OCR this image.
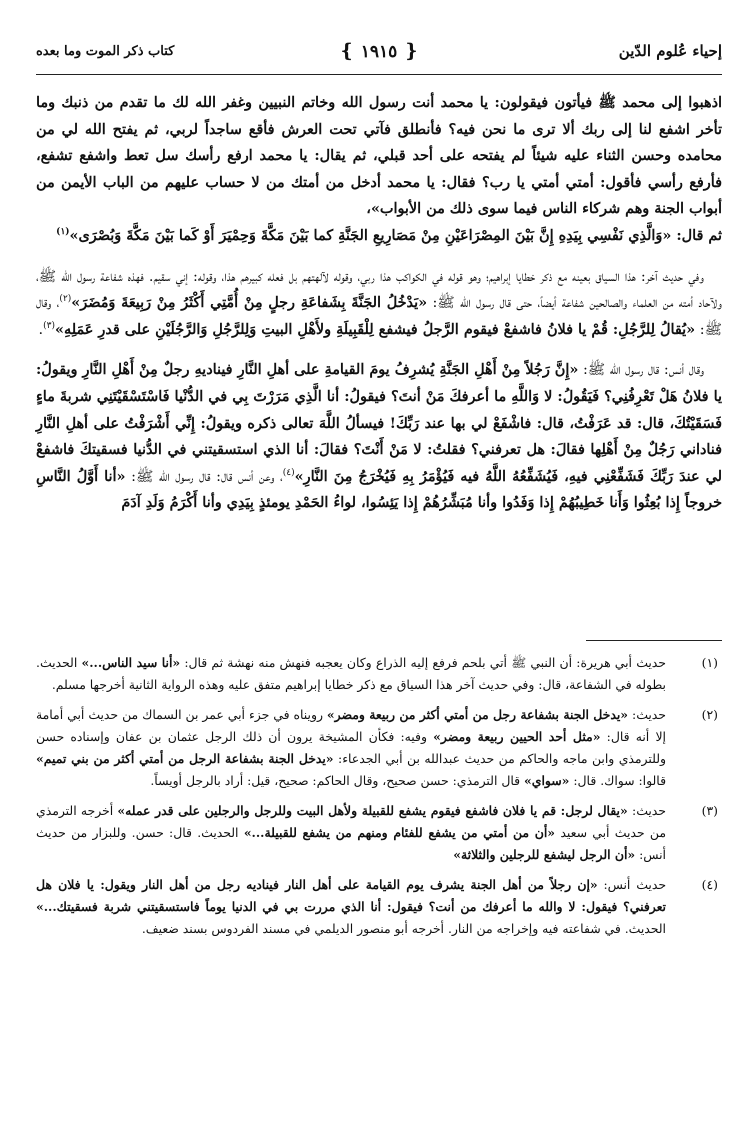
إحياء عُلوم الدّين
❴ ١٩١٥ ❵
كتاب ذكر الموت وما بعده

اذهبوا إلى محمد ﷺ فيأتون فيقولون: يا محمد أنت رسول الله وخاتم النبيين وغفر الله لك ما تقدم من ذنبك وما تأخر اشفع لنا إلى ربك ألا ترى ما نحن فيه؟ فأنطلق فآتي تحت العرش فأقع ساجداً لربي، ثم يفتح الله لي من محامده وحسن الثناء عليه شيئاً لم يفتحه على أحد قبلي، ثم يقال: يا محمد ارفع رأسك سل تعط واشفع تشفع، فأرفع رأسي فأقول: أمتي أمتي يا رب؟ فقال: يا محمد أدخل من أمتك من لا حساب عليهم من الباب الأيمن من أبواب الجنة وهم شركاء الناس فيما سوى ذلك من الأبواب»،
ثم قال: «وَالَّذِي نَفْسِي بِيَدِهِ إِنَّ بَيْنَ المِصْرَاعَيْنِ مِنْ مَصَارِيعِ الجَنَّةِ كما بَيْنَ مَكَّةَ وَحِمْيَرَ أَوْ كَما بَيْنَ مَكَّةَ وَبُصْرَى»$^{(١)}$

وفي حديث آخر: هذا السياق بعينه مع ذكر خطايا إبراهيم؛ وهو قوله في الكواكب هذا ربي، وقوله لآلهتهم بل فعله كبيرهم هذا، وقوله: إني سقيم. فهذه شفاعة رسول الله ﷺ، ولآحاد أمته من العلماء والصالحين شفاعة أيضاً، حتى قال رسول الله ﷺ: «يَدْخُلُ الجَنَّةَ بِشَفاعَةِ رجلٍ مِنْ أُمَّتِي أَكْثَرُ مِنْ رَبِيعَةَ وَمُضَرَ»$^{(٢)}$، وقال ﷺ: «يُقالُ لِلرَّجُلِ: قُمْ يا فلانُ فاشفعْ فيقوم الرَّجلُ فيشفع لِلْقَبِيلَةِ ولأَهْلِ البيتِ وَلِلرَّجُلِ وَالرَّجُلَيْنِ على قدرِ عَمَلِهِ»$^{(٣)}$.

وقال أنس: قال رسول الله ﷺ: «إِنَّ رَجُلاً مِنْ أَهْلِ الجَنَّةِ يُشرِفُ يومَ القيامةِ على أهلِ النَّارِ فيناديهِ رجلٌ مِنْ أَهْلِ النَّارِ ويقولُ: يا فلانُ هَلْ تَعْرِفُنِي؟ فَيَقُولُ: لا وَاللَّهِ ما أعرفكَ مَنْ أنتَ؟ فيقولُ: أنا الَّذِي مَرَرْتَ بِي في الدُّنْيا فَاسْتَسْقَيْتَنِي شربةَ ماءٍ فَسَقَيْتُكَ، قال: قد عَرَفْتُ، قال: فاشْفَعْ لي بها عند رَبِّكَ! فيسألُ اللَّهَ تعالى ذكره ويقولُ: إِنِّي أَشْرَفْتُ على أهلِ النَّارِ فناداني رَجُلٌ مِنْ أَهْلِها فقالَ: هل تعرفني؟ فقلتُ: لا مَنْ أَنْتَ؟ فقالَ: أنا الذي استسقيتني في الدُّنيا فسقيتكَ فاشفعْ لي عندَ رَبِّكَ فَشَفِّعْنِي فيهِ، فَيُشَفِّعُهُ اللَّهُ فيه فَيُؤْمَرُ بِهِ فَيُخْرَجُ مِنَ النَّارِ»$^{(٤)}$، وعن أنس قال: قال رسول الله ﷺ: «أنا أَوَّلُ النَّاسِ خروجاً إِذا بُعِثُوا وَأَنا خَطِيبُهُمْ إِذا وَفَدُوا وأنا مُبَشِّرُهُمْ إِذا يَئِسُوا، لواءُ الحَمْدِ يومئذٍ بِيَدِي وأنا أَكْرَمُ وَلَدِ آدَمَ

(١)
حديث أبي هريرة: أن النبي ﷺ أتي بلحم فرفع إليه الذراع وكان يعجبه فنهش منه نهشة ثم قال: «أنا سيد الناس...» الحديث. بطوله في الشفاعة، قال: وفي حديث آخر هذا السياق مع ذكر خطايا إبراهيم متفق عليه وهذه الرواية الثانية أخرجها مسلم.
(٢)
حديث: «يدخل الجنة بشفاعة رجل من أمتي أكثر من ربيعة ومضر» رويناه في جزء أبي عمر بن السماك من حديث أبي أمامة إلا أنه قال: «مثل أحد الحيين ربيعة ومضر» وفيه: فكأن المشيخة يرون أن ذلك الرجل عثمان بن عفان وإسناده حسن وللترمذي وابن ماجه والحاكم من حديث عبدالله بن أبي الجدعاء: «يدخل الجنة بشفاعة الرجل من أمتي أكثر من بني تميم» قالوا: سواك. قال: «سواي» قال الترمذي: حسن صحيح، وقال الحاكم: صحيح، قيل: أراد بالرجل أويساً.
(٣)
حديث: «يقال لرجل: قم يا فلان فاشفع فيقوم يشفع للقبيلة ولأهل البيت وللرجل والرجلين على قدر عمله» أخرجه الترمذي من حديث أبي سعيد «أن من أمتي من يشفع للفئام ومنهم من يشفع للقبيلة...» الحديث. قال: حسن. وللبزار من حديث أنس: «أن الرجل ليشفع للرجلين والثلاثة»
(٤)
حديث أنس: «إن رجلاً من أهل الجنة يشرف يوم القيامة على أهل النار فيناديه رجل من أهل النار ويقول: يا فلان هل تعرفني؟ فيقول: لا والله ما أعرفك من أنت؟ فيقول: أنا الذي مررت بي في الدنيا يوماً فاستسقيتني شربة فسقيتك...» الحديث. في شفاعته فيه وإخراجه من النار. أخرجه أبو منصور الديلمي في مسند الفردوس بسند ضعيف.
